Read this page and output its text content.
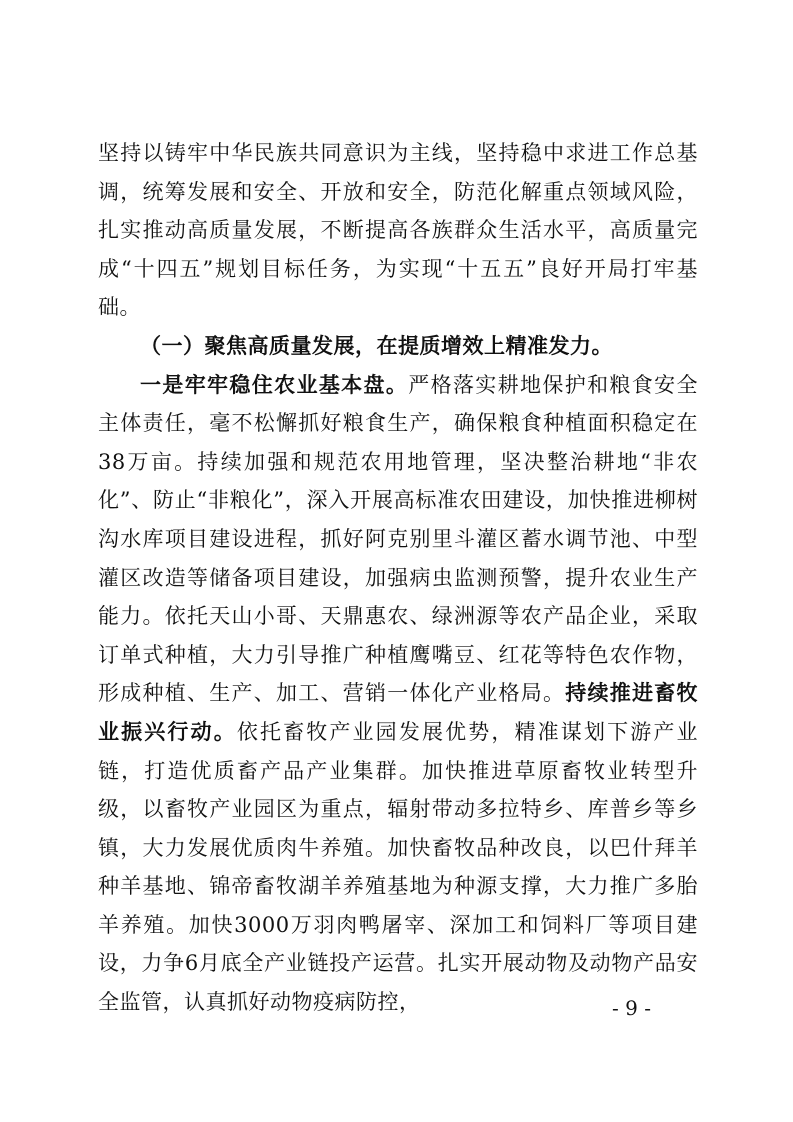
坚持以铸牢中华民族共同意识为主线，坚持稳中求进工作总基调，统筹发展和安全、开放和安全，防范化解重点领域风险，扎实推动高质量发展，不断提高各族群众生活水平，高质量完成“十四五”规划目标任务，为实现“十五五”良好开局打牢基础。

（一）聚焦高质量发展，在提质增效上精准发力。

一是牢牢稳住农业基本盘。严格落实耕地保护和粮食安全主体责任，毫不松懈抓好粮食生产，确保粮食种植面积稳定在38万亩。持续加强和规范农用地管理，坚决整治耕地“非农化”、防止“非粮化”，深入开展高标准农田建设，加快推进柳树沟水库项目建设进程，抓好阿克别里斗灌区蓄水调节池、中型灌区改造等储备项目建设，加强病虫监测预警，提升农业生产能力。依托天山小哥、天鼎惠农、绿洲源等农产品企业，采取订单式种植，大力引导推广种植鹰嘴豆、红花等特色农作物，形成种植、生产、加工、营销一体化产业格局。持续推进畜牧业振兴行动。依托畜牧产业园发展优势，精准谋划下游产业链，打造优质畜产品产业集群。加快推进草原畜牧业转型升级，以畜牧产业园区为重点，辐射带动多拉特乡、库普乡等乡镇，大力发展优质肉牛养殖。加快畜牧品种改良，以巴什拜羊种羊基地、锦帝畜牧湖羊养殖基地为种源支撑，大力推广多胎羊养殖。加快3000万羽肉鸭屠宰、深加工和饲料厂等项目建设，力争6月底全产业链投产运营。扎实开展动物及动物产品安全监管，认真抓好动物疫病防控，	- 9 -
